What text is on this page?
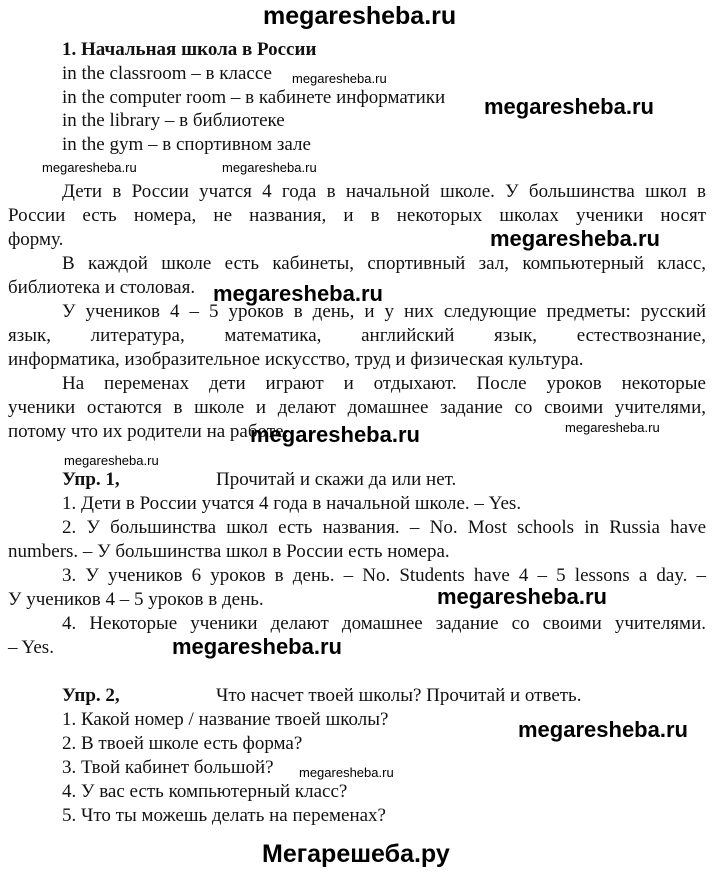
megaresheba.ru
1. Начальная школа в России
in the classroom – в классе
in the computer room – в кабинете информатики
in the library – в библиотеке
in the gym – в спортивном зале
Дети в России учатся 4 года в начальной школе. У большинства школ в
России есть номера, не названия, и в некоторых школах ученики носят
форму.
В каждой школе есть кабинеты, спортивный зал, компьютерный класс,
библиотека и столовая.
У учеников 4 – 5 уроков в день, и у них следующие предметы: русский
язык, литература, математика, английский язык, естествознание,
информатика, изобразительное искусство, труд и физическая культура.
На переменах дети играют и отдыхают. После уроков некоторые
ученики остаются в школе и делают домашнее задание со своими учителями,
потому что их родители на работе.
Упр. 1,	Прочитай и скажи да или нет.
1. Дети в России учатся 4 года в начальной школе. – Yes.
2. У большинства школ есть названия. – No. Most schools in Russia have
numbers. – У большинства школ в России есть номера.
3. У учеников 6 уроков в день. – No. Students have 4 – 5 lessons a day. –
У учеников 4 – 5 уроков в день.
4. Некоторые ученики делают домашнее задание со своими учителями.
– Yes.
Упр. 2,	Что насчет твоей школы? Прочитай и ответь.
1. Какой номер / название твоей школы?
2. В твоей школе есть форма?
3. Твой кабинет большой?
4. У вас есть компьютерный класс?
5. Что ты можешь делать на переменах?
megaresheba.ru
megaresheba.ru
megaresheba.ru	megaresheba.ru
megaresheba.ru
megaresheba.ru
megaresheba.ru	megaresheba.ru
megaresheba.ru
megaresheba.ru
megaresheba.ru
megaresheba.ru
megaresheba.ru
Мегарешеба.ру
